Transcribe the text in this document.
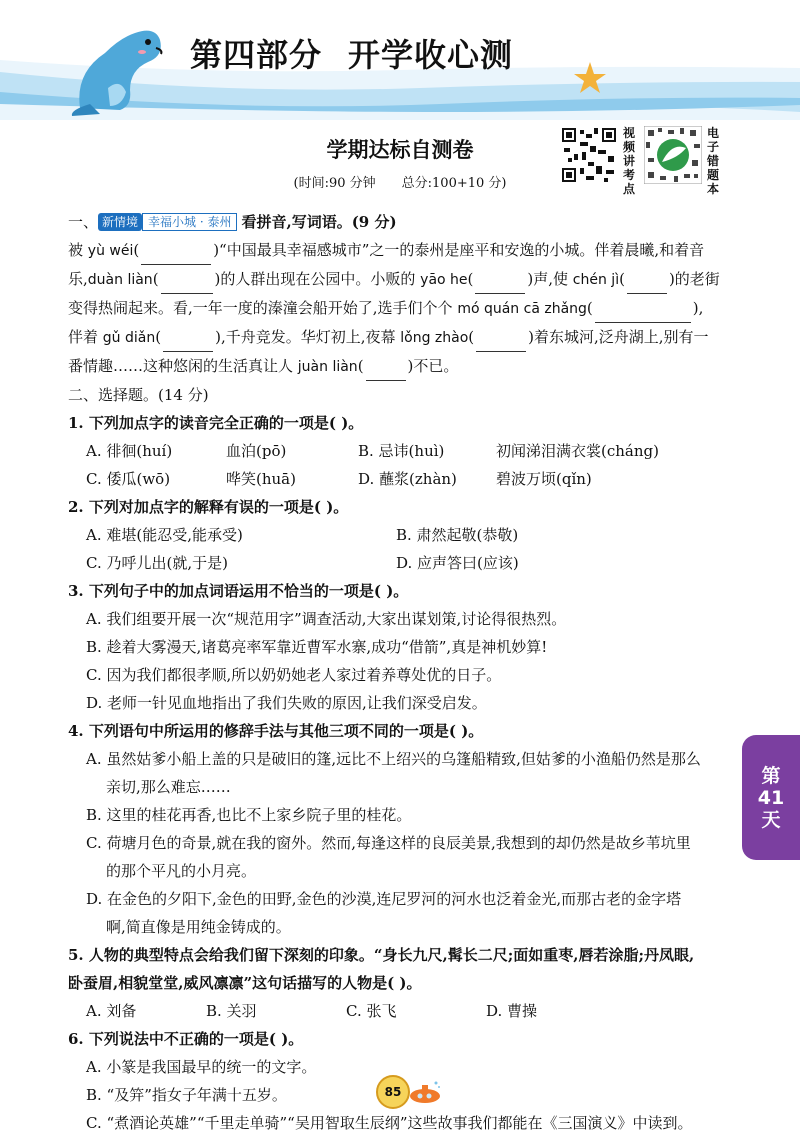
第四部分 开学收心测
学期达标自测卷
(时间:90 分钟 总分:100+10 分)
视频讲考点
电子错题本
一、 新情境 幸福小城 · 泰州 看拼音,写词语。(9 分)
被 yù wéi(	)“中国最具幸福感城市”之一的泰州是座平和安逸的小城。伴着晨曦,和着音
乐,duàn liàn(	)的人群出现在公园中。小贩的 yāo he(	)声,使 chén jì(	)的老街
变得热闹起来。看,一年一度的溱潼会船开始了,选手们个个 mó quán cā zhǎng(	),
伴着 gǔ diǎn(	),千舟竞发。华灯初上,夜幕 lǒng zhào(	)着东城河,泛舟湖上,别有一
番情趣……这种悠闲的生活真让人 juàn liàn(	)不已。
二、选择题。(14 分)
1. 下列加点字的读音完全正确的一项是( )。
A. 徘徊(huí)	血泊(pō)	B. 忌讳(huì)	初闻涕泪满衣裳(cháng)
C. 倭瓜(wō)	哗笑(huā)	D. 蘸浆(zhàn)	碧波万顷(qǐn)
2. 下列对加点字的解释有误的一项是( )。
A. 难堪(能忍受,能承受)	B. 肃然起敬(恭敬)
C. 乃呼儿出(就,于是)	D. 应声答曰(应该)
3. 下列句子中的加点词语运用不恰当的一项是( )。
A. 我们组要开展一次“规范用字”调查活动,大家出谋划策,讨论得很热烈。
B. 趁着大雾漫天,诸葛亮率军靠近曹军水寨,成功“借箭”,真是神机妙算!
C. 因为我们都很孝顺,所以奶奶她老人家过着养尊处优的日子。
D. 老师一针见血地指出了我们失败的原因,让我们深受启发。
4. 下列语句中所运用的修辞手法与其他三项不同的一项是( )。
A. 虽然姑爹小船上盖的只是破旧的篷,远比不上绍兴的乌篷船精致,但姑爹的小渔船仍然是那么
亲切,那么难忘……
B. 这里的桂花再香,也比不上家乡院子里的桂花。
C. 荷塘月色的奇景,就在我的窗外。然而,每逢这样的良辰美景,我想到的却仍然是故乡苇坑里
的那个平凡的小月亮。
D. 在金色的夕阳下,金色的田野,金色的沙漠,连尼罗河的河水也泛着金光,而那古老的金字塔
啊,简直像是用纯金铸成的。
5. 人物的典型特点会给我们留下深刻的印象。“身长九尺,髯长二尺;面如重枣,唇若涂脂;丹凤眼,
卧蚕眉,相貌堂堂,威风凛凛”这句话描写的人物是( )。
A. 刘备	B. 关羽	C. 张飞	D. 曹操
6. 下列说法中不正确的一项是( )。
A. 小篆是我国最早的统一的文字。
B. “及笄”指女子年满十五岁。
C. “煮酒论英雄”“千里走单骑”“吴用智取生辰纲”这些故事我们都能在《三国演义》中读到。
第
41
天
85
